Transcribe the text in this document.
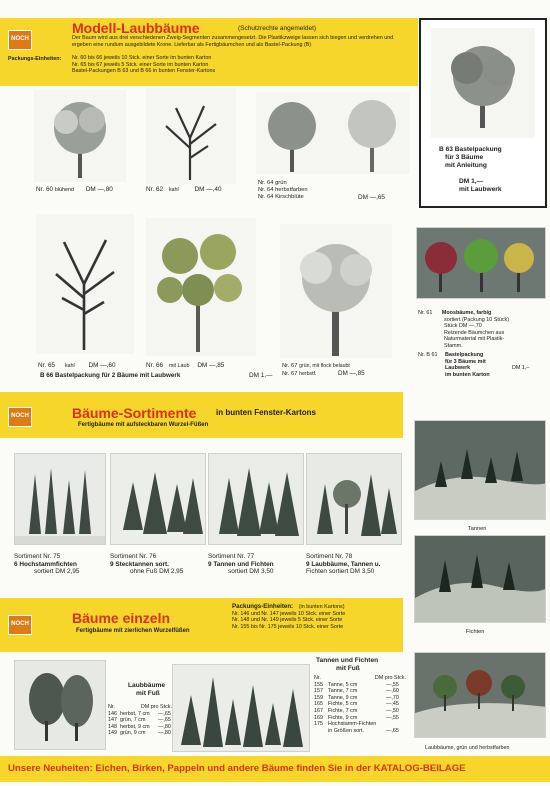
NOCH
Modell-Laubbäume	(Schutzrechte angemeldet)
Der Baum wird aus drei verschiedenen Zweig-Segmenten zusammengesetzt. Die Plastikzweige lassen sich biegen und verdrehen und ergeben eine rundum ausgebildete Krone. Lieferbar als Fertigbäumchen und als Bastel-Packung (B)
Packungs-Einheiten:	Nr. 60 bis 66 jeweils 10 Stck. einer Sorte im bunten Karton
Nr. 65 bis 67 jeweils 5 Stck. einer Sorte im bunten Karton
Bastel-Packungen B 63 und B 66 in bunten Fenster-Kartons
B 63 Bastelpackung
für 3 Bäume
mit Anleitung
DM 1,—
mit Laubwerk
Nr. 60 blühend DM —,80	Nr. 62 kahl DM —,40
Nr. 64 grün
Nr. 64 herbstfarben
Nr. 64 Kirschblüte	DM —,65
Nr. 65 kahl DM —,60	Nr. 66 mit Laub DM —,85
B 66 Bastelpackung für 2 Bäume mit Laubwerk	DM 1,—
Nr. 67 grün, mit flock belaubt
Nr. 67 herbstf.	DM —,85
Nr. 61 Moosbäume, farbig
sortiert (Packung 10 Stück)
Stück DM —,70
Reizende Bäumchen aus
Naturmaterial mit Plastik-
Stamm.
Nr. B 61	Bastelpackung
für 3 Bäume mit
Laubwerk
im bunten Karton
DM 1,–
NOCH	Bäume-Sortimente in bunten Fenster-Kartons
Fertigbäume mit aufsteckbaren Wurzel-Füßen
Sortiment Nr. 75
6 Hochstammfichten
sortiert DM 2,95
Sortiment Nr. 76
9 Stecktannen sort.
ohne Fuß DM 2,95
Sortiment Nr. 77
9 Tannen und Fichten
sortiert DM 3,50
Sortiment Nr. 78
9 Laubbäume, Tannen u.
Fichten sortiert DM 3,50
Tannen
Fichten
Laubbäume, grün und herbstfarben
NOCH	Bäume einzeln
Fertigbäume mit zierlichen Wurzelfüßen
Packungs-Einheiten: (in bunten Kartons)
Nr. 146 und Nr. 147 jeweils 10 Stck. einer Sorte
Nr. 148 und Nr. 149 jeweils 5 Stck. einer Sorte
Nr. 155 bis Nr. 175 jeweils 10 Stck. einer Sorte
Laubbäume
mit Fuß
Nr.	DM pro Stck.
146 herbst, 7 cm	—,65
147 grün, 7 cm	—,65
148 herbst, 9 cm	—,80
149 grün, 9 cm	—,80
Tannen und Fichten
mit Fuß
Nr.	DM pro Stck.
155 Tanne, 5 cm	—,55
157 Tanne, 7 cm	—,60
159 Tanne, 9 cm	—,70
165 Fichte, 5 cm	—,45
167 Fichte, 7 cm	—,50
169 Fichte, 9 cm	—,55
175 Hochstamm-Fichten
in Größen sort.	—,65
Unsere Neuheiten: Eichen, Birken, Pappeln und andere Bäume finden Sie in der KATALOG-BEILAGE
